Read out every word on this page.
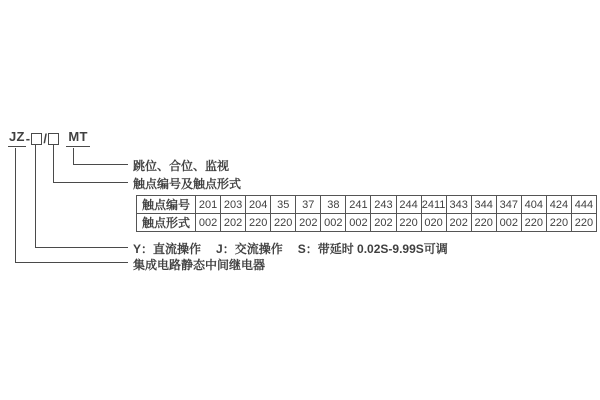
JZ - / MT
跳位、合位、监视
触点编号及触点形式
触点编号	201	203	204	35	37	38	241	243	244	2411	343	344	347	404	424	444
触点形式	002	202	220	220	202	002	002	202	220	020	202	220	002	220	220	220
Y：直流操作 J：交流操作 S：带延时 0.02S-9.99S可调
集成电路静态中间继电器
